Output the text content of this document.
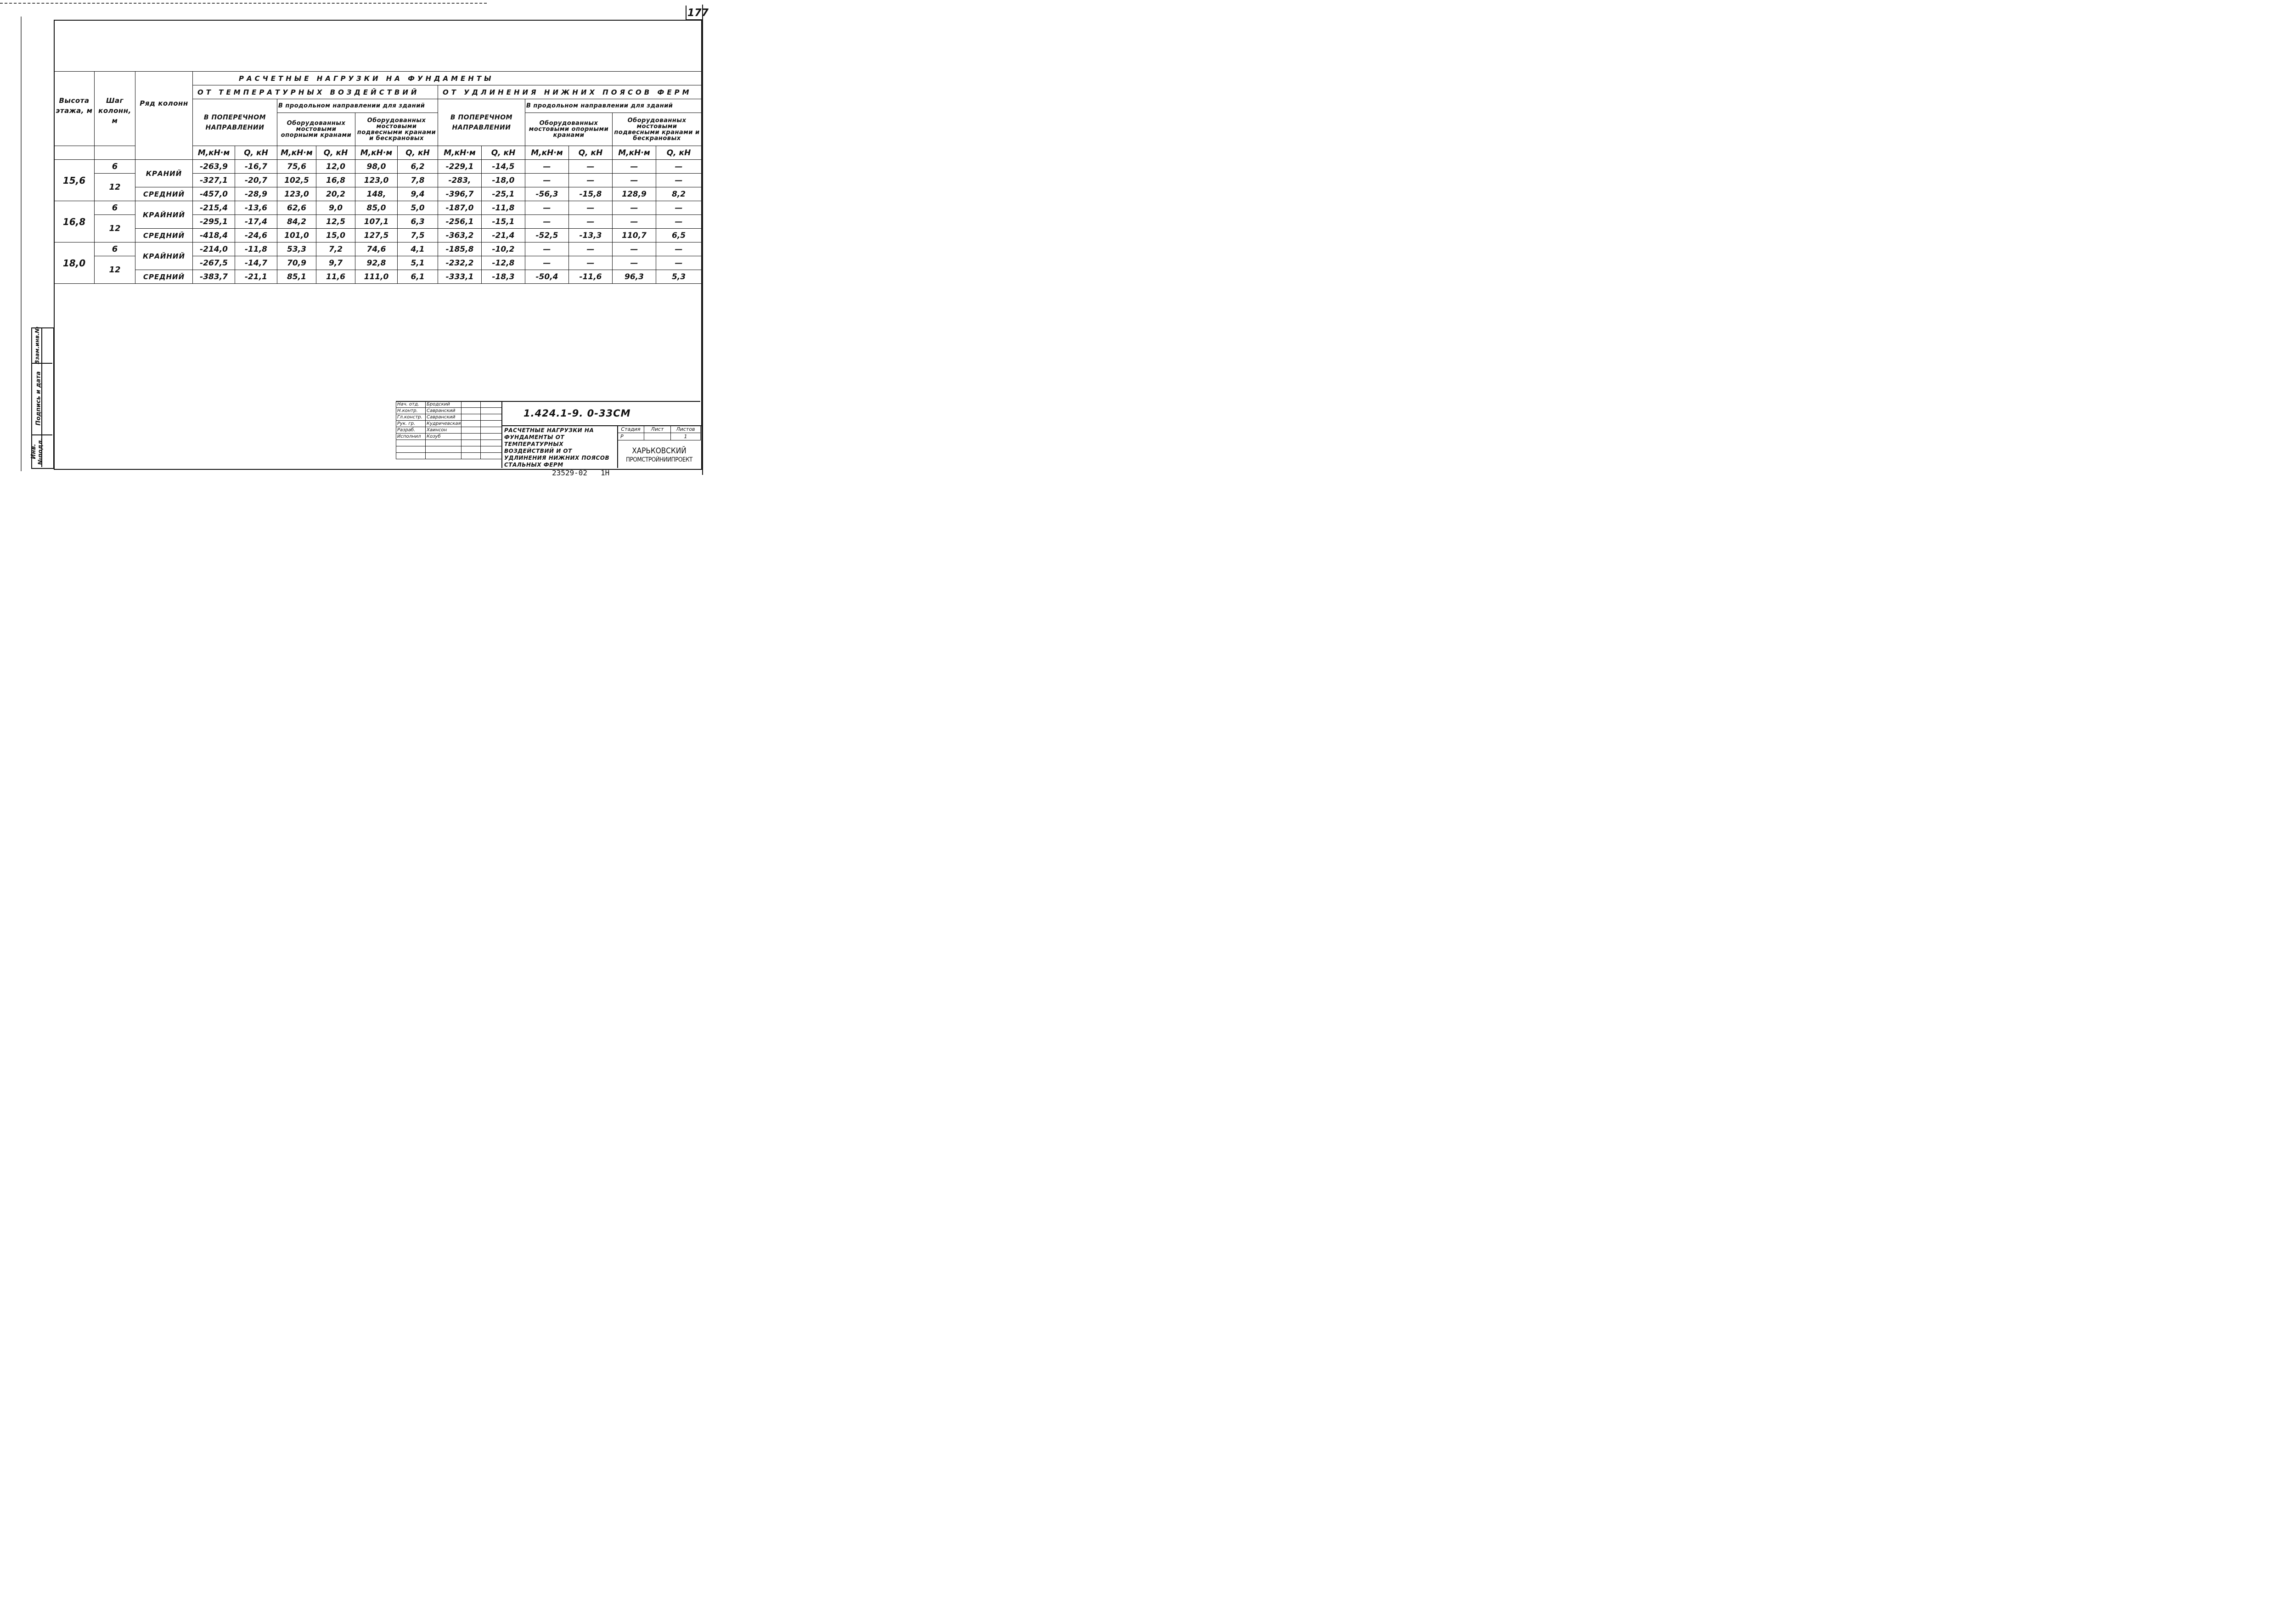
177
Инв.№подл.
Подпись и дата
Взам.инв.№
Высота этажа, м	Шаг колонн, м	Ряд колонн	РАСЧЕТНЫЕ НАГРУЗКИ НА ФУНДАМЕНТЫ											
			ОТ ТЕМПЕРАТУРНЫХ ВОЗДЕЙСТВИЙ						ОТ УДЛИНЕНИЯ НИЖНИХ ПОЯСОВ ФЕРМ					
			В ПОПЕРЕЧНОМ НАПРАВЛЕНИИ		В продольном направлении для зданий				В ПОПЕРЕЧНОМ НАПРАВЛЕНИИ		В продольном направлении для зданий			
					Оборудованных мостовыми опорными кранами		Оборудованных мостовыми подвесными кранами и бескрановых				Оборудованных мостовыми опорными кранами		Оборудованных мостовыми подвесными кранами и бескрановых	
			М,кН·м	Q, кН	М,кН·м	Q, кН	М,кН·м	Q, кН	М,кН·м	Q, кН	М,кН·м	Q, кН	М,кН·м	Q, кН
15,6	6	КРАНИЙ	-263,9	-16,7	75,6	12,0	98,0	6,2	-229,1	-14,5	—	—	—	—
	12		-327,1	-20,7	102,5	16,8	123,0	7,8	-283,	-18,0	—	—	—	—
		СРЕДНИЙ	-457,0	-28,9	123,0	20,2	148,	9,4	-396,7	-25,1	-56,3	-15,8	128,9	8,2
16,8	6	КРАЙНИЙ	-215,4	-13,6	62,6	9,0	85,0	5,0	-187,0	-11,8	—	—	—	—
	12		-295,1	-17,4	84,2	12,5	107,1	6,3	-256,1	-15,1	—	—	—	—
		СРЕДНИЙ	-418,4	-24,6	101,0	15,0	127,5	7,5	-363,2	-21,4	-52,5	-13,3	110,7	6,5
18,0	6	КРАЙНИЙ	-214,0	-11,8	53,3	7,2	74,6	4,1	-185,8	-10,2	—	—	—	—
	12		-267,5	-14,7	70,9	9,7	92,8	5,1	-232,2	-12,8	—	—	—	—
		СРЕДНИЙ	-383,7	-21,1	85,1	11,6	111,0	6,1	-333,1	-18,3	-50,4	-11,6	96,3	5,3
Нач. отд.	Бродский		
Н.контр.	Савранский		
Гл.констр.	Савранский		
Рук. гр.	Кудричевская		
Разраб.	Хаинсон		
Исполнил	Козуб		

1.424.1-9. 0-33СМ
РАСЧЕТНЫЕ НАГРУЗКИ НА ФУНДАМЕНТЫ ОТ ТЕМПЕРАТУРНЫХ ВОЗДЕЙСТВИЙ И ОТ УДЛИНЕНИЯ НИЖНИХ ПОЯСОВ СТАЛЬНЫХ ФЕРМ
Стадия	Лист	Листов
Р		1
ХАРЬКОВСКИЙ
ПРОМСТРОЙНИИПРОЕКТ
23529-02 1Н
